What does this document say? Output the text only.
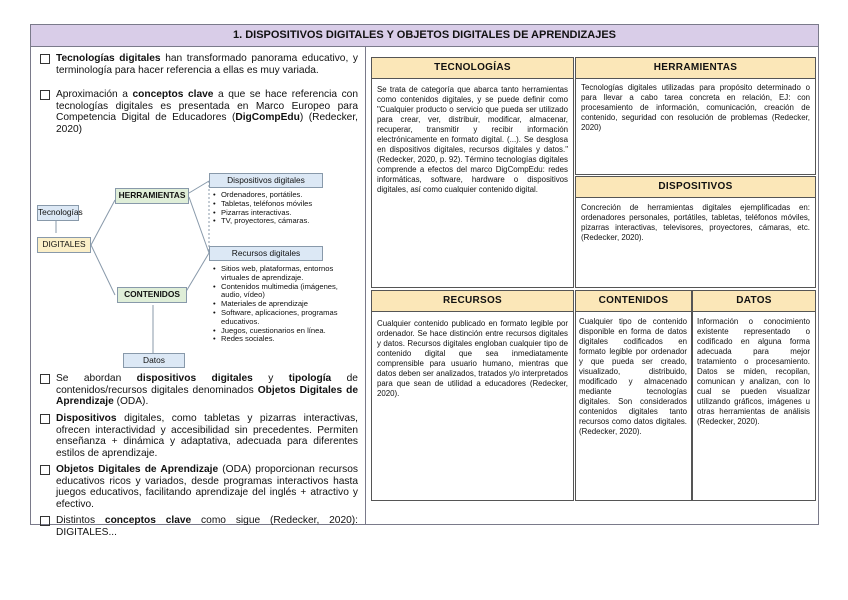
1. DISPOSITIVOS DIGITALES Y OBJETOS DIGITALES DE APRENDIZAJES
Tecnologías digitales han transformado panorama educativo, y terminología para hacer referencia a ellas es muy variada.
Aproximación a conceptos clave a que se hace referencia con tecnologías digitales es presentada en Marco Europeo para Competencia Digital de Educadores (DigCompEdu) (Redecker, 2020)
Tecnologías
DIGITALES
HERRAMIENTAS
CONTENIDOS
Dispositivos digitales
• Ordenadores, portátiles.
• Tabletas, teléfonos móviles
• Pizarras interactivas.
• TV, proyectores, cámaras.
Recursos digitales
• Sitios web, plataformas, entornos virtuales de aprendizaje.
• Contenidos multimedia (imágenes, audio, vídeo)
• Materiales de aprendizaje
• Software, aplicaciones, programas educativos.
• Juegos, cuestionarios en línea.
• Redes sociales.
Datos
Se abordan dispositivos digitales y tipología de contenidos/recursos digitales denominados Objetos Digitales de Aprendizaje (ODA).
Dispositivos digitales, como tabletas y pizarras interactivas, ofrecen interactividad y accesibilidad sin precedentes. Permiten enseñanza + dinámica y adaptativa, adecuada para diferentes estilos de aprendizaje.
Objetos Digitales de Aprendizaje (ODA) proporcionan recursos educativos ricos y variados, desde programas interactivos hasta juegos educativos, facilitando aprendizaje del inglés + atractivo y efectivo.
Distintos conceptos clave como sigue (Redecker, 2020): DIGITALES...
TECNOLOGÍAS
Se trata de categoría que abarca tanto herramientas como contenidos digitales, y se puede definir como "Cualquier producto o servicio que pueda ser utilizado para crear, ver, distribuir, modificar, almacenar, recuperar, transmitir y recibir información electrónicamente en formato digital. (...). Se desglosa en dispositivos digitales, recursos digitales y datos." (Redecker, 2020, p. 92). Término tecnologías digitales comprende a efectos del marco DigCompEdu: redes informáticas, software, hardware o dispositivos digitales, así como cualquier contenido digital.
HERRAMIENTAS
Tecnologías digitales utilizadas para propósito determinado o para llevar a cabo tarea concreta en relación, EJ: con procesamiento de información, comunicación, creación de contenido, seguridad con resolución de problemas (Redecker, 2020)
DISPOSITIVOS
Concreción de herramientas digitales ejemplificadas en: ordenadores personales, portátiles, tabletas, teléfonos móviles, pizarras interactivas, televisores, proyectores, cámaras, etc. (Redecker, 2020).
RECURSOS
Cualquier contenido publicado en formato legible por ordenador. Se hace distinción entre recursos digitales y datos. Recursos digitales engloban cualquier tipo de contenido digital que sea inmediatamente comprensible para usuario humano, mientras que datos deben ser analizados, tratados y/o interpretados para que sean de utilidad a educadores (Redecker, 2020).
CONTENIDOS
Cualquier tipo de contenido disponible en forma de datos digitales codificados en formato legible por ordenador y que pueda ser creado, visualizado, distribuido, modificado y almacenado mediante tecnologías digitales. Son considerados contenidos digitales tanto recursos como datos digitales. (Redecker, 2020).
DATOS
Información o conocimiento existente representado o codificado en alguna forma adecuada para mejor tratamiento o procesamiento. Datos se miden, recopilan, comunican y analizan, con lo cual se pueden visualizar utilizando gráficos, imágenes u otras herramientas de análisis (Redecker, 2020).
